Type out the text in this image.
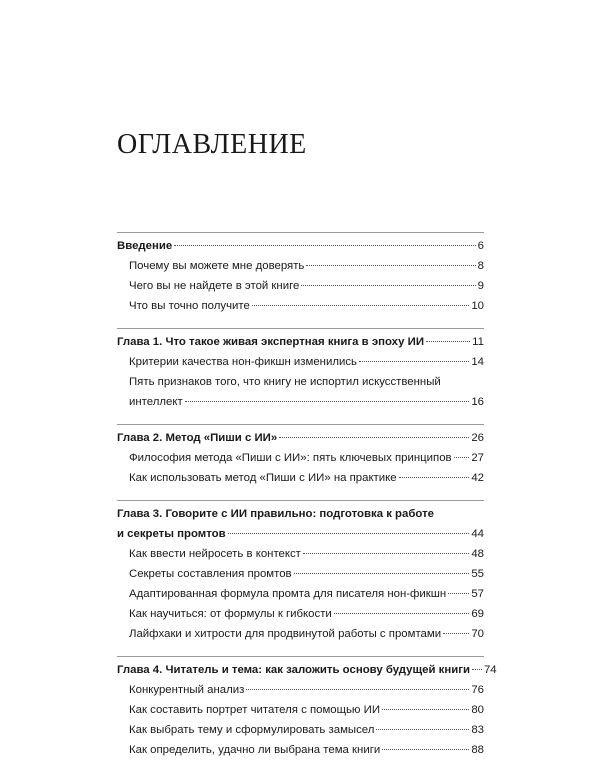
ОГЛАВЛЕНИЕ
Введение	6
Почему вы можете мне доверять	8
Чего вы не найдете в этой книге	9
Что вы точно получите	10
Глава 1. Что такое живая экспертная книга в эпоху ИИ	11
Критерии качества нон-фикшн изменились	14
Пять признаков того, что книгу не испортил искусственный
интеллект	16
Глава 2. Метод «Пиши с ИИ»	26
Философия метода «Пиши с ИИ»: пять ключевых принципов 27
Как использовать метод «Пиши с ИИ» на практике	42
Глава 3. Говорите с ИИ правильно: подготовка к работе
и секреты промтов	44
Как ввести нейросеть в контекст	48
Секреты составления промтов	55
Адаптированная формула промта для писателя нон-фикшн 57
Как научиться: от формулы к гибкости	69
Лайфхаки и хитрости для продвинутой работы с промтами	70
Глава 4. Читатель и тема: как заложить основу будущей книги 74
Конкурентный анализ	76
Как составить портрет читателя с помощью ИИ	80
Как выбрать тему и сформулировать замысел	83
Как определить, удачно ли выбрана тема книги	88
